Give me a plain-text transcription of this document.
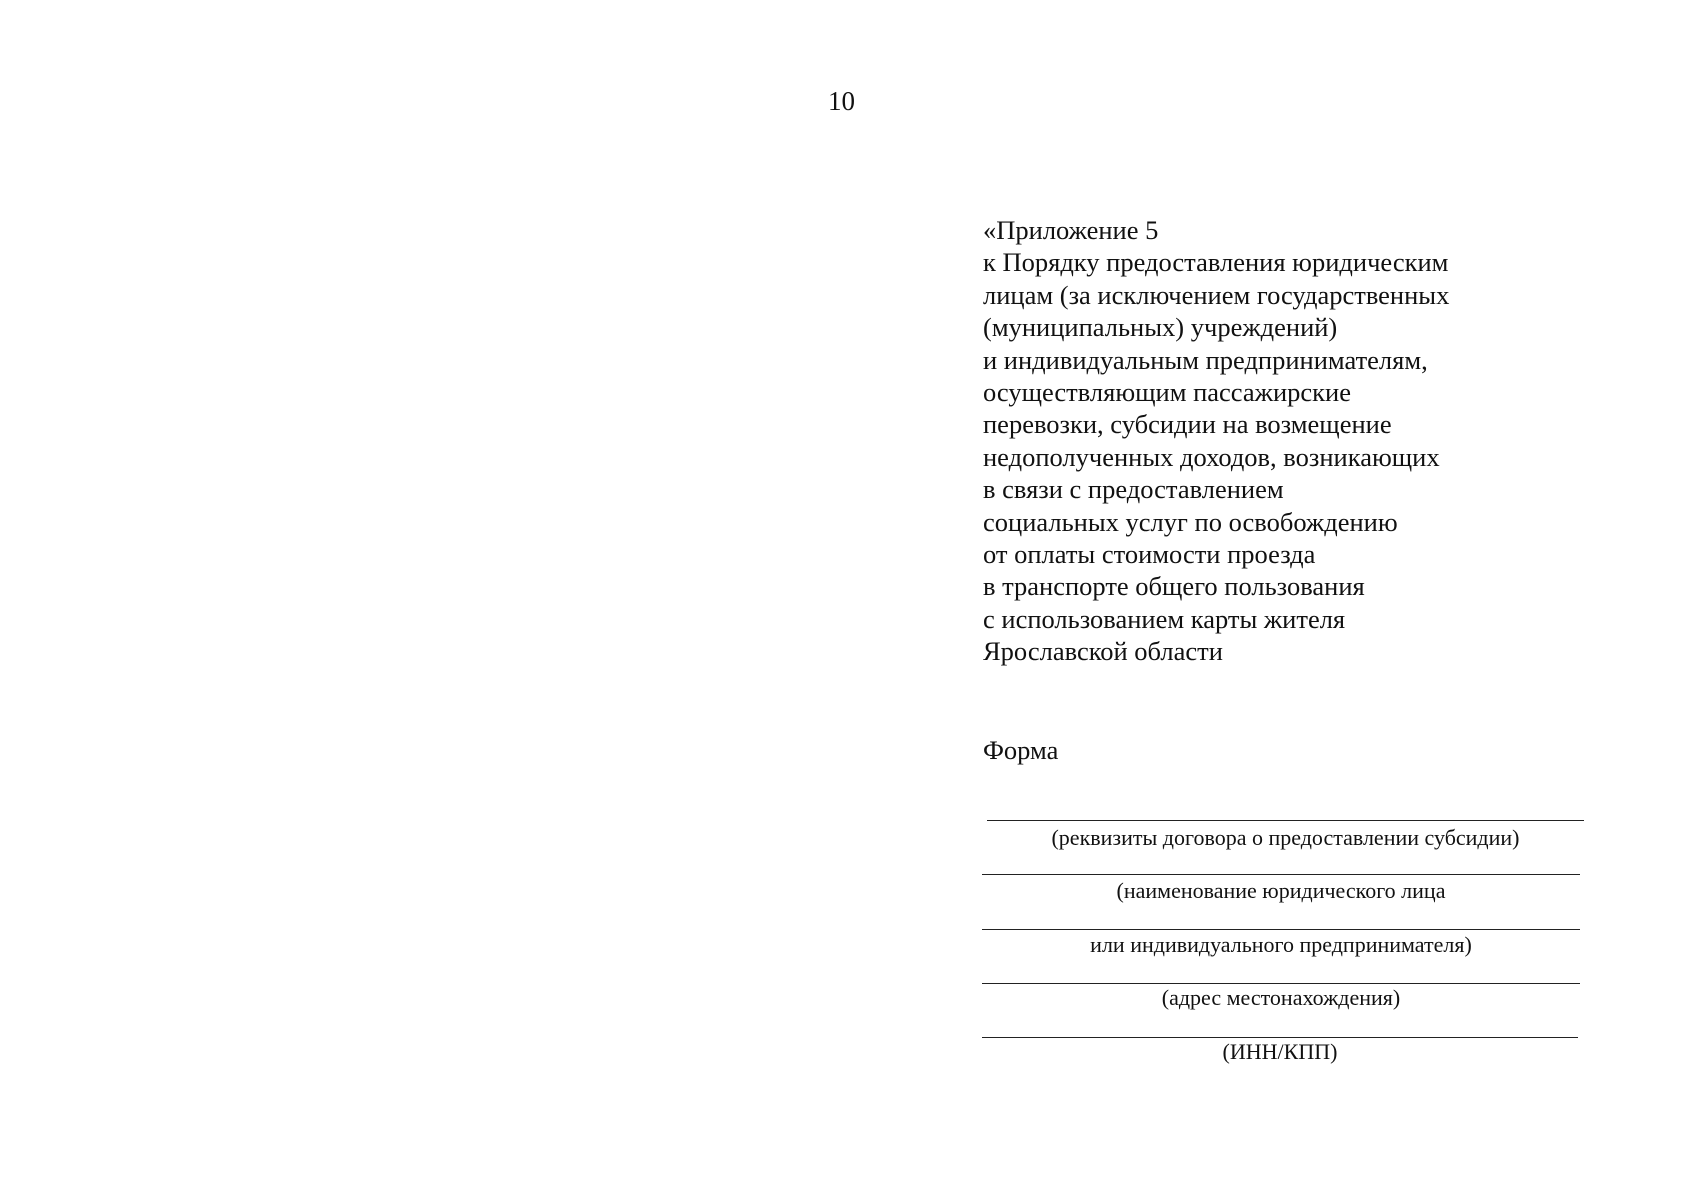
10
«Приложение 5
к Порядку предоставления юридическим
лицам (за исключением государственных
(муниципальных) учреждений)
и индивидуальным предпринимателям,
осуществляющим пассажирские
перевозки, субсидии на возмещение
недополученных доходов, возникающих
в связи с предоставлением
социальных услуг по освобождению
от оплаты стоимости проезда
в транспорте общего пользования
с использованием карты жителя
Ярославской области
Форма
(реквизиты договора о предоставлении субсидии)
(наименование юридического лица
или индивидуального предпринимателя)
(адрес местонахождения)
(ИНН/КПП)
